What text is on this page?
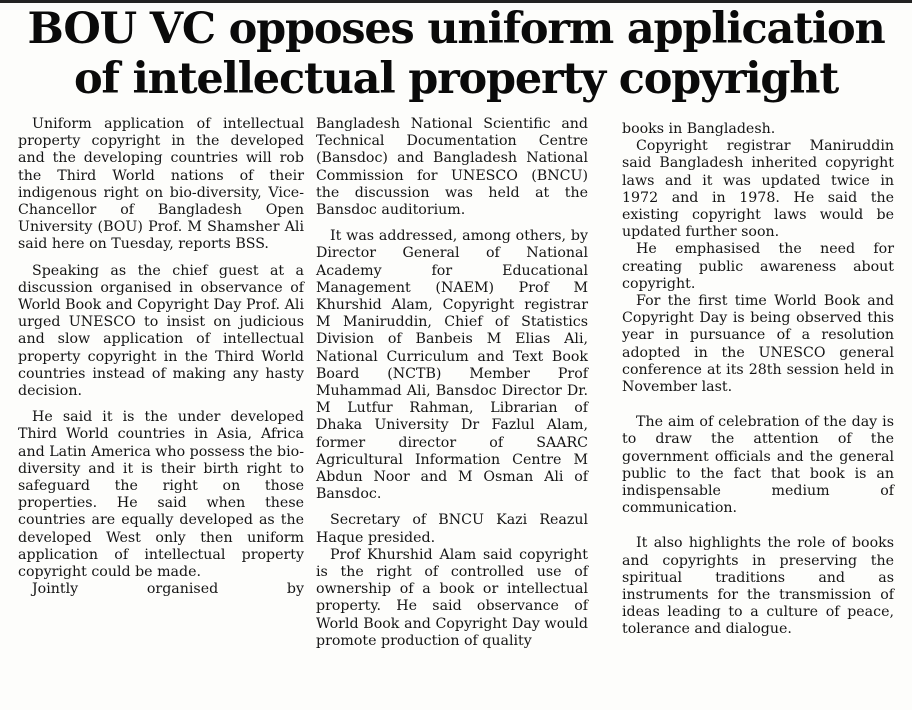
BOU VC opposes uniform application
of intellectual property copyright

Uniform application of intellectual property copyright in the developed and the developing countries will rob the Third World nations of their indigenous right on bio-diversity, Vice-Chancellor of Bangladesh Open University (BOU) Prof. M Shamsher Ali said here on Tuesday, reports BSS.

Speaking as the chief guest at a discussion organised in observance of World Book and Copyright Day Prof. Ali urged UNESCO to insist on judicious and slow application of intellectual property copyright in the Third World countries instead of making any hasty decision.

He said it is the under developed Third World countries in Asia, Africa and Latin America who possess the bio-diversity and it is their birth right to safeguard the right on those properties. He said when these countries are equally developed as the developed West only then uniform application of intellectual property copyright could be made.

Jointly organised by

Bangladesh National Scientific and Technical Documentation Centre (Bansdoc) and Bangladesh National Commission for UNESCO (BNCU) the discussion was held at the Bansdoc auditorium.

It was addressed, among others, by Director General of National Academy for Educational Management (NAEM) Prof M Khurshid Alam, Copyright registrar M Maniruddin, Chief of Statistics Division of Banbeis M Elias Ali, National Curriculum and Text Book Board (NCTB) Member Prof Muhammad Ali, Bansdoc Director Dr. M Lutfur Rahman, Librarian of Dhaka University Dr Fazlul Alam, former director of SAARC Agricultural Information Centre M Abdun Noor and M Osman Ali of Bansdoc.

Secretary of BNCU Kazi Reazul Haque presided.

Prof Khurshid Alam said copyright is the right of controlled use of ownership of a book or intellectual property. He said observance of World Book and Copyright Day would promote production of quality

books in Bangladesh.

Copyright registrar Maniruddin said Bangladesh inherited copyright laws and it was updated twice in 1972 and in 1978. He said the existing copyright laws would be updated further soon.

He emphasised the need for creating public awareness about copyright.

For the first time World Book and Copyright Day is being observed this year in pursuance of a resolution adopted in the UNESCO general conference at its 28th session held in November last.

The aim of celebration of the day is to draw the attention of the government officials and the general public to the fact that book is an indispensable medium of communication.

It also highlights the role of books and copyrights in preserving the spiritual traditions and as instruments for the transmission of ideas leading to a culture of peace, tolerance and dialogue.
